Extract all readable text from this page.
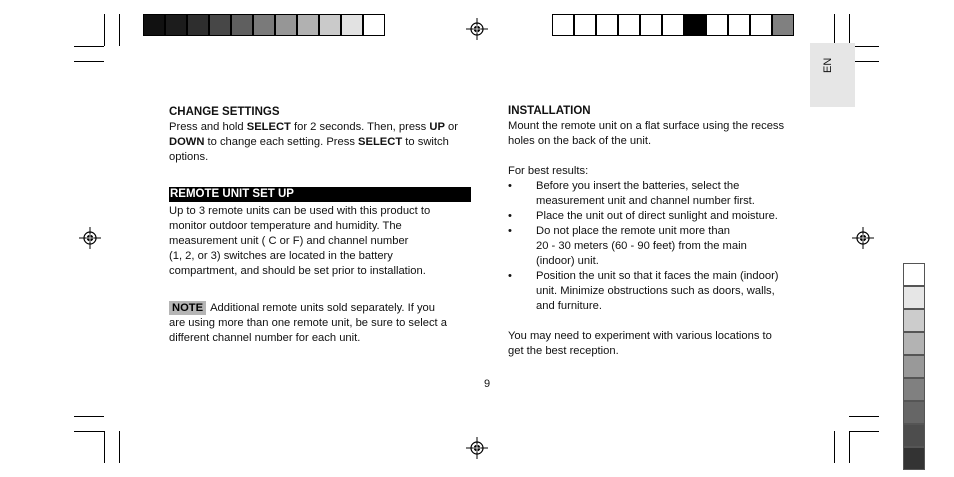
EN
CHANGE SETTINGS

Press and hold SELECT for 2 seconds. Then, press UP or DOWN to change each setting. Press SELECT to switch options.

REMOTE UNIT SET UP
Up to 3 remote units can be used with this product to
monitor outdoor temperature and humidity. The
measurement unit ( C or F) and channel number
(1, 2, or 3) switches are located in the battery
compartment, and should be set prior to installation.
NOTE Additional remote units sold separately. If you
are using more than one remote unit, be sure to select a
different channel number for each unit.
INSTALLATION
Mount the remote unit on a flat surface using the recess
holes on the back of the unit.
For best results:
• Before you insert the batteries, select the
measurement unit and channel number first.
• Place the unit out of direct sunlight and moisture.
• Do not place the remote unit more than
20 - 30 meters (60 - 90 feet) from the main
(indoor) unit.
• Position the unit so that it faces the main (indoor)
unit. Minimize obstructions such as doors, walls,
and furniture.
You may need to experiment with various locations to
get the best reception.
9
